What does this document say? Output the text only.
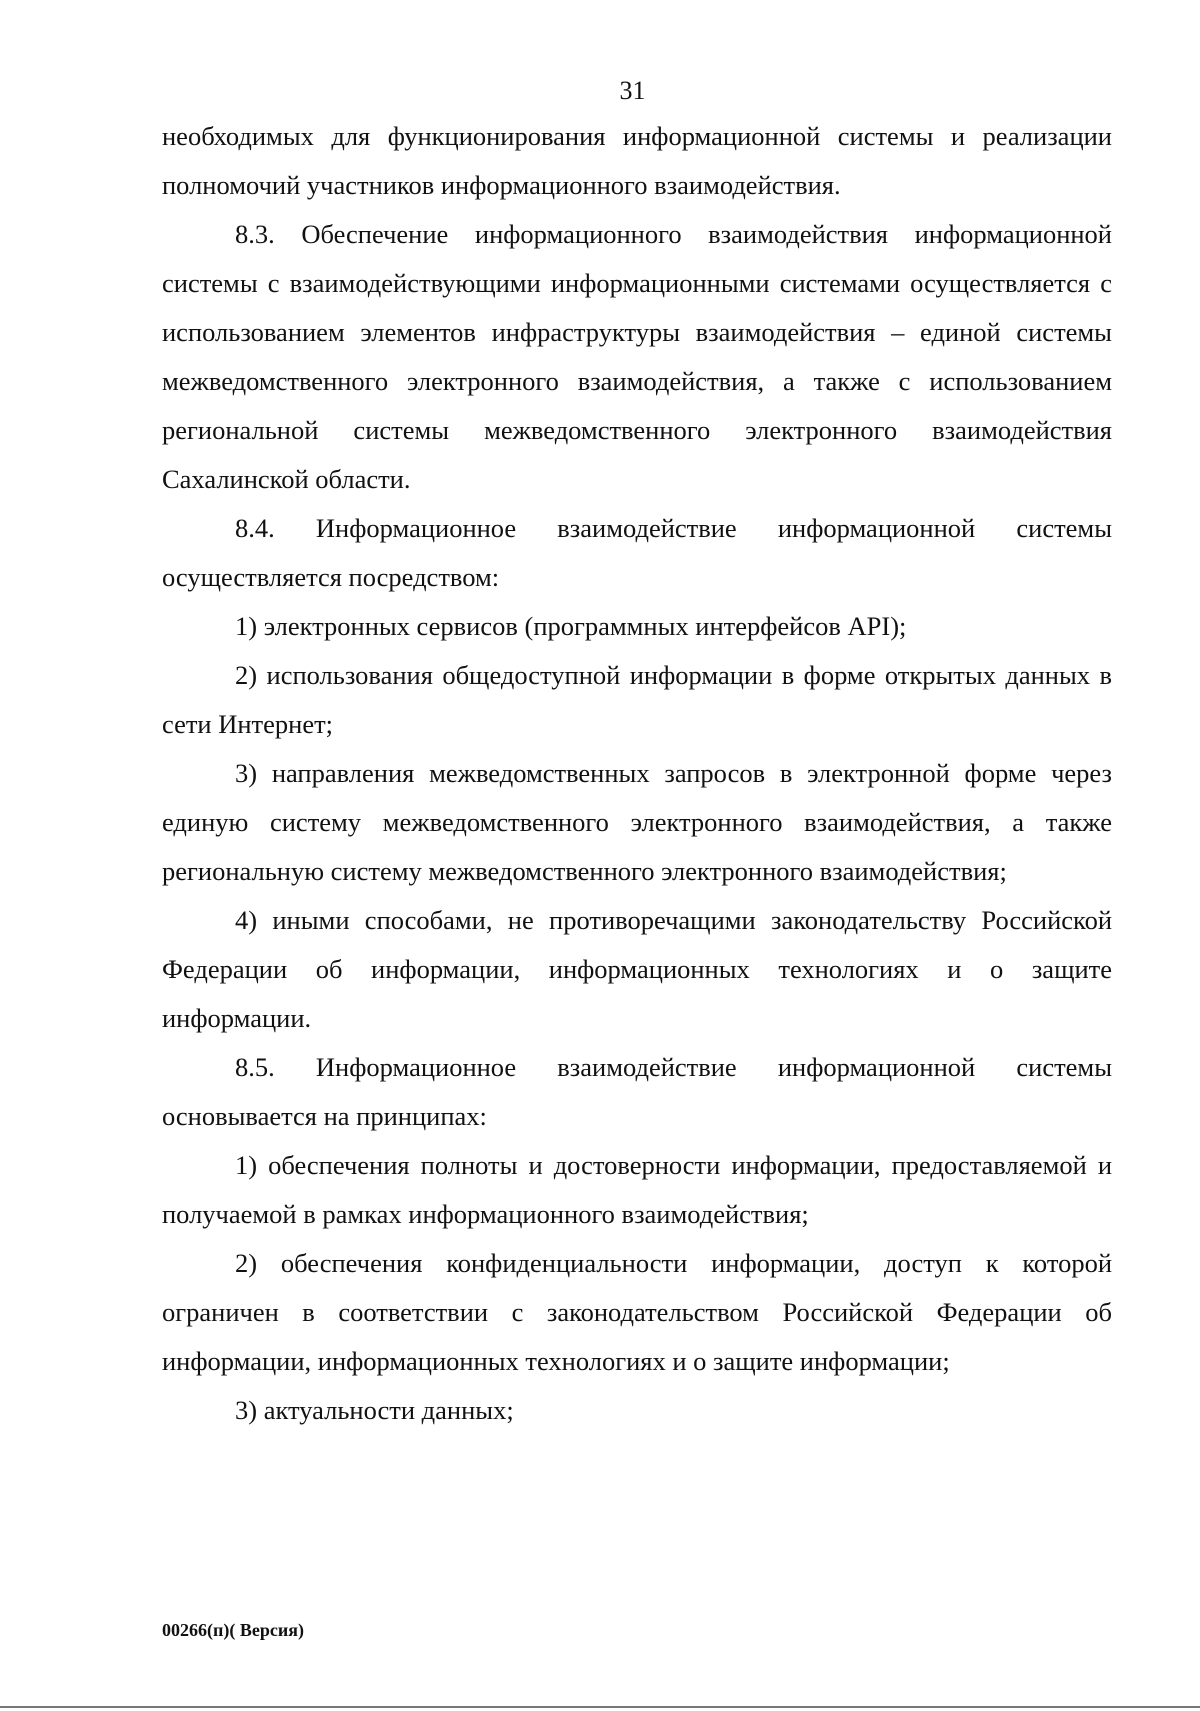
31

необходимых для функционирования информационной системы и реализации полномочий участников информационного взаимодействия.

8.3. Обеспечение информационного взаимодействия информационной системы с взаимодействующими информационными системами осуществляется с использованием элементов инфраструктуры взаимодействия – единой системы межведомственного электронного взаимодействия, а также с использованием региональной системы межведомственного электронного взаимодействия Сахалинской области.

8.4. Информационное взаимодействие информационной системы осуществляется посредством:

1) электронных сервисов (программных интерфейсов API);

2) использования общедоступной информации в форме открытых данных в сети Интернет;

3) направления межведомственных запросов в электронной форме через единую систему межведомственного электронного взаимодействия, а также региональную систему межведомственного электронного взаимодействия;

4) иными способами, не противоречащими законодательству Российской Федерации об информации, информационных технологиях и о защите информации.

8.5. Информационное взаимодействие информационной системы основывается на принципах:

1) обеспечения полноты и достоверности информации, предоставляемой и получаемой в рамках информационного взаимодействия;

2) обеспечения конфиденциальности информации, доступ к которой ограничен в соответствии с законодательством Российской Федерации об информации, информационных технологиях и о защите информации;

3) актуальности данных;

00266(п)( Версия)
